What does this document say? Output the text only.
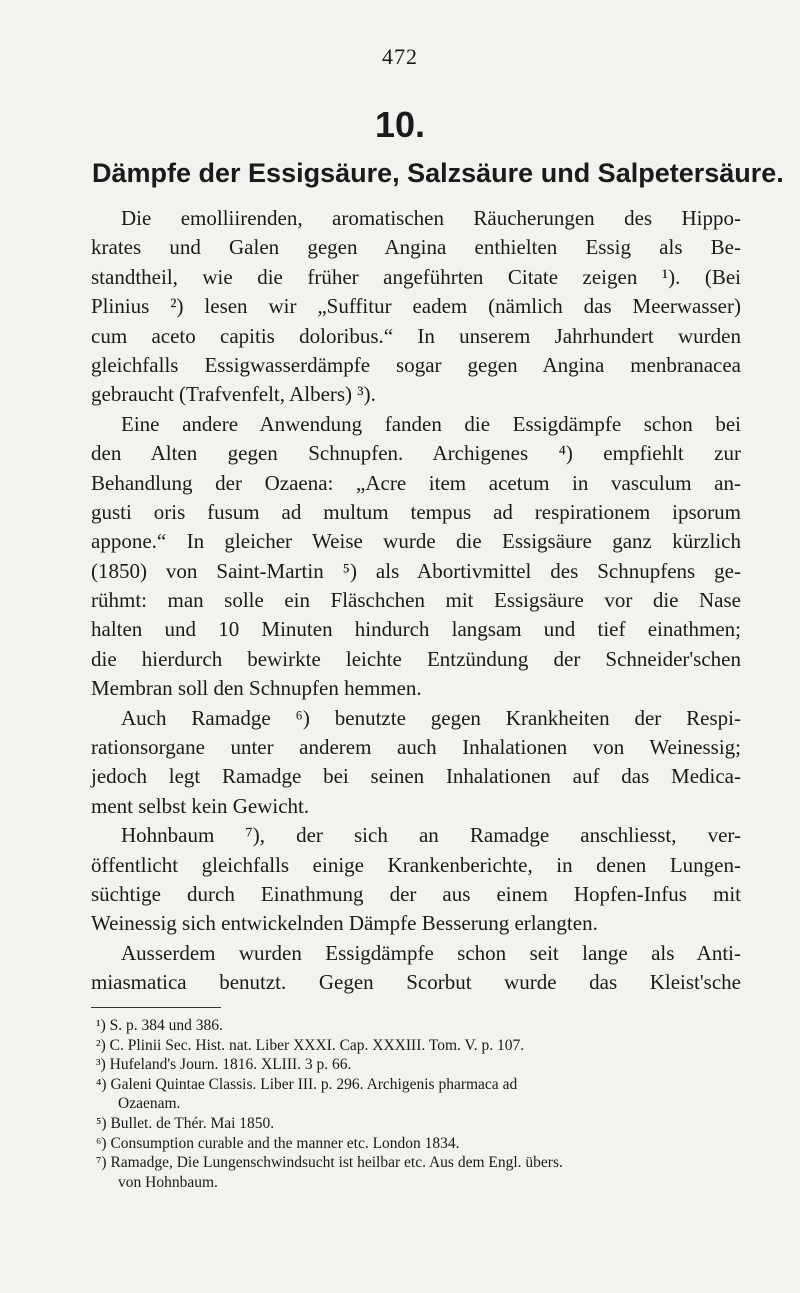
472
10.
Dämpfe der Essigsäure, Salzsäure und Salpetersäure.
Die emolliirenden, aromatischen Räucherungen des Hippo-
krates und Galen gegen Angina enthielten Essig als Be-
standtheil, wie die früher angeführten Citate zeigen ¹). (Bei
Plinius ²) lesen wir „Suffitur eadem (nämlich das Meerwasser)
cum aceto capitis doloribus.“ In unserem Jahrhundert wurden
gleichfalls Essigwasserdämpfe sogar gegen Angina menbranacea
gebraucht (Trafvenfelt, Albers) ³).
Eine andere Anwendung fanden die Essigdämpfe schon bei
den Alten gegen Schnupfen. Archigenes ⁴) empfiehlt zur
Behandlung der Ozaena: „Acre item acetum in vasculum an-
gusti oris fusum ad multum tempus ad respirationem ipsorum
appone.“ In gleicher Weise wurde die Essigsäure ganz kürzlich
(1850) von Saint-Martin ⁵) als Abortivmittel des Schnupfens ge-
rühmt: man solle ein Fläschchen mit Essigsäure vor die Nase
halten und 10 Minuten hindurch langsam und tief einathmen;
die hierdurch bewirkte leichte Entzündung der Schneider'schen
Membran soll den Schnupfen hemmen.
Auch Ramadge ⁶) benutzte gegen Krankheiten der Respi-
rationsorgane unter anderem auch Inhalationen von Weinessig;
jedoch legt Ramadge bei seinen Inhalationen auf das Medica-
ment selbst kein Gewicht.
Hohnbaum ⁷), der sich an Ramadge anschliesst, ver-
öffentlicht gleichfalls einige Krankenberichte, in denen Lungen-
süchtige durch Einathmung der aus einem Hopfen-Infus mit
Weinessig sich entwickelnden Dämpfe Besserung erlangten.
Ausserdem wurden Essigdämpfe schon seit lange als Anti-
miasmatica benutzt. Gegen Scorbut wurde das Kleist'sche
¹) S. p. 384 und 386.
²) C. Plinii Sec. Hist. nat. Liber XXXI. Cap. XXXIII. Tom. V. p. 107.
³) Hufeland's Journ. 1816. XLIII. 3 p. 66.
⁴) Galeni Quintae Classis. Liber III. p. 296. Archigenis pharmaca ad
Ozaenam.
⁵) Bullet. de Thér. Mai 1850.
⁶) Consumption curable and the manner etc. London 1834.
⁷) Ramadge, Die Lungenschwindsucht ist heilbar etc. Aus dem Engl. übers.
von Hohnbaum.
